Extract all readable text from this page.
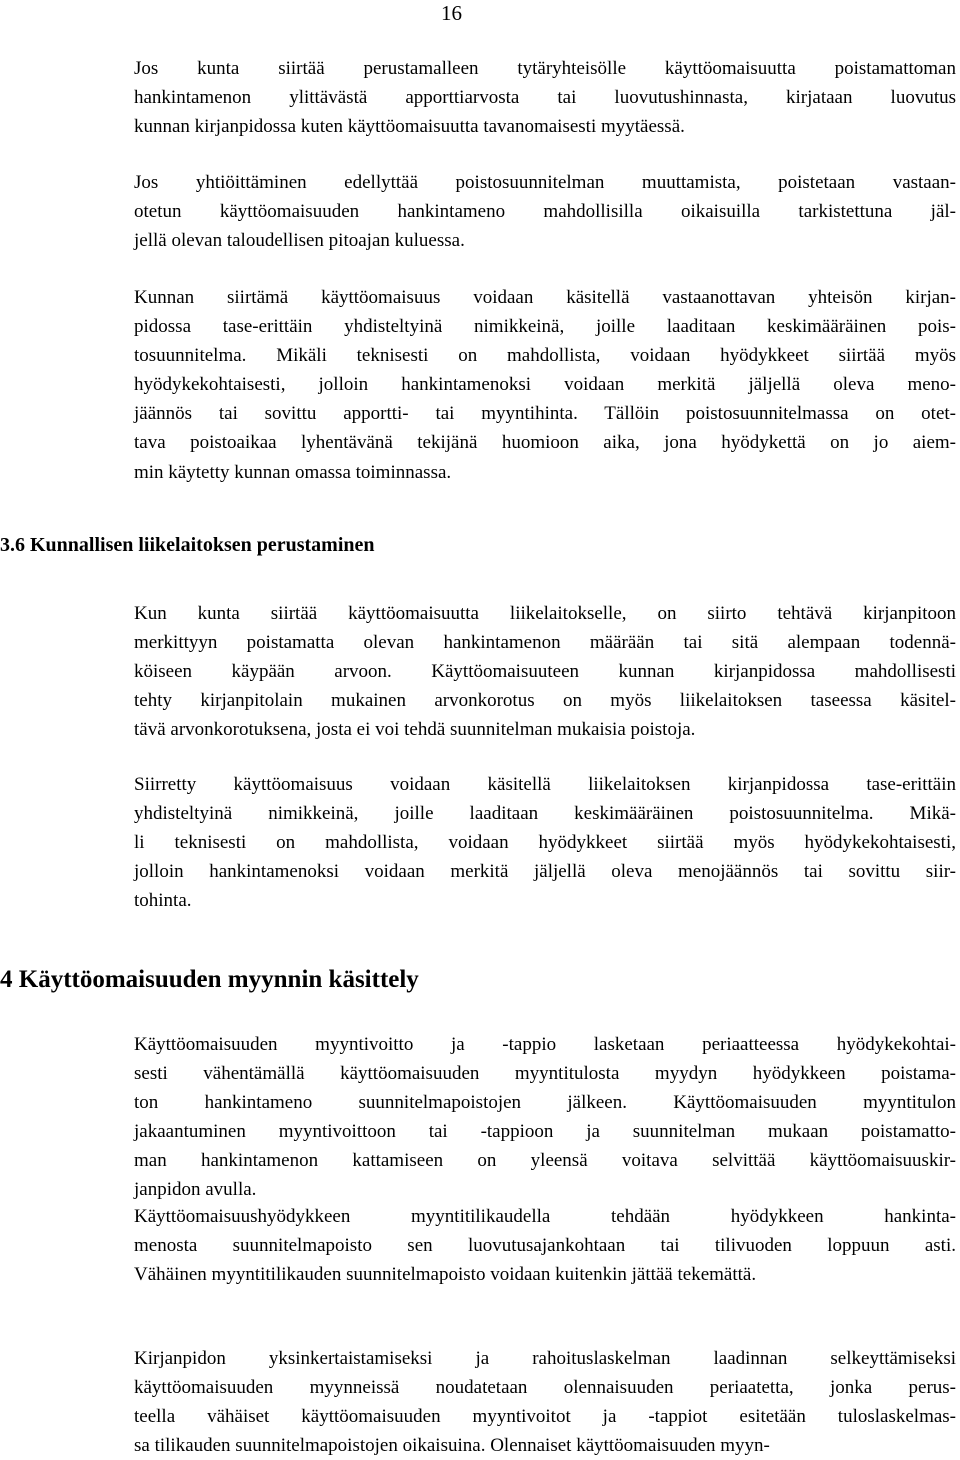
16
Jos kunta siirtää perustamalleen tytäryhteisölle käyttöomaisuutta poistamattoman
hankintamenon ylittävästä apporttiarvosta tai luovutushinnasta, kirjataan luovutus
kunnan kirjanpidossa kuten käyttöomaisuutta tavanomaisesti myytäessä.
Jos yhtiöittäminen edellyttää poistosuunnitelman muuttamista, poistetaan vastaan-
otetun käyttöomaisuuden hankintameno mahdollisilla oikaisuilla tarkistettuna jäl-
jellä olevan taloudellisen pitoajan kuluessa.
Kunnan siirtämä käyttöomaisuus voidaan käsitellä vastaanottavan yhteisön kirjan-
pidossa tase-erittäin yhdisteltyinä nimikkeinä, joille laaditaan keskimääräinen pois-
tosuunnitelma. Mikäli teknisesti on mahdollista, voidaan hyödykkeet siirtää myös
hyödykekohtaisesti, jolloin hankintamenoksi voidaan merkitä jäljellä oleva meno-
jäännös tai sovittu apportti- tai myyntihinta. Tällöin poistosuunnitelmassa on otet-
tava poistoaikaa lyhentävänä tekijänä huomioon aika, jona hyödykettä on jo aiem-
min käytetty kunnan omassa toiminnassa.
3.6 Kunnallisen liikelaitoksen perustaminen
Kun kunta siirtää käyttöomaisuutta liikelaitokselle, on siirto tehtävä kirjanpitoon
merkittyyn poistamatta olevan hankintamenon määrään tai sitä alempaan todennä-
köiseen käypään arvoon. Käyttöomaisuuteen kunnan kirjanpidossa mahdollisesti
tehty kirjanpitolain mukainen arvonkorotus on myös liikelaitoksen taseessa käsitel-
tävä arvonkorotuksena, josta ei voi tehdä suunnitelman mukaisia poistoja.
Siirretty käyttöomaisuus voidaan käsitellä liikelaitoksen kirjanpidossa tase-erittäin
yhdisteltyinä nimikkeinä, joille laaditaan keskimääräinen poistosuunnitelma. Mikä-
li teknisesti on mahdollista, voidaan hyödykkeet siirtää myös hyödykekohtaisesti,
jolloin hankintamenoksi voidaan merkitä jäljellä oleva menojäännös tai sovittu siir-
tohinta.
4 Käyttöomaisuuden myynnin käsittely
Käyttöomaisuuden myyntivoitto ja -tappio lasketaan periaatteessa hyödykekohtai-
sesti vähentämällä käyttöomaisuuden myyntitulosta myydyn hyödykkeen poistama-
ton hankintameno suunnitelmapoistojen jälkeen. Käyttöomaisuuden myyntitulon
jakaantuminen myyntivoittoon tai -tappioon ja suunnitelman mukaan poistamatto-
man hankintamenon kattamiseen on yleensä voitava selvittää käyttöomaisuuskir-
janpidon avulla.
Käyttöomaisuushyödykkeen myyntitilikaudella tehdään hyödykkeen hankinta-
menosta suunnitelmapoisto sen luovutusajankohtaan tai tilivuoden loppuun asti.
Vähäinen myyntitilikauden suunnitelmapoisto voidaan kuitenkin jättää tekemättä.
Kirjanpidon yksinkertaistamiseksi ja rahoituslaskelman laadinnan selkeyttämiseksi
käyttöomaisuuden myynneissä noudatetaan olennaisuuden periaatetta, jonka perus-
teella vähäiset käyttöomaisuuden myyntivoitot ja -tappiot esitetään tuloslaskelmas-
sa tilikauden suunnitelmapoistojen oikaisuina. Olennaiset käyttöomaisuuden myyn-
